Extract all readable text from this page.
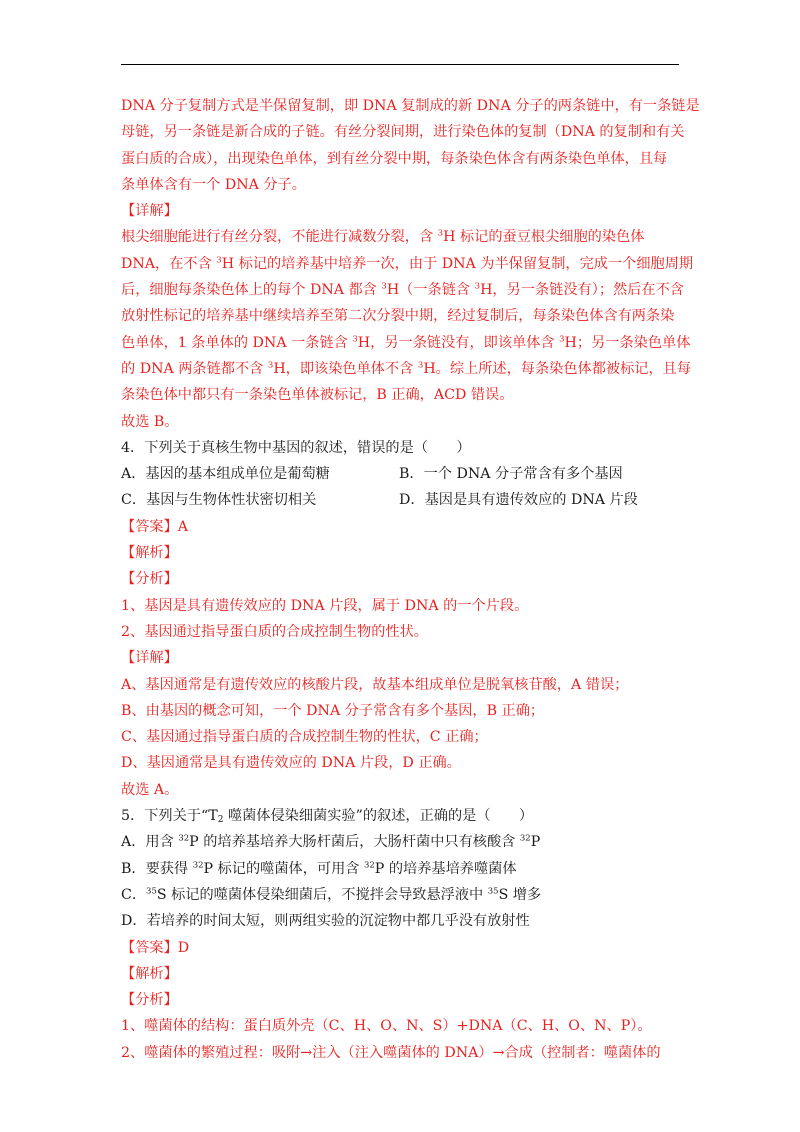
DNA 分子复制方式是半保留复制，即 DNA 复制成的新 DNA 分子的两条链中，有一条链是
母链，另一条链是新合成的子链。有丝分裂间期，进行染色体的复制（DNA 的复制和有关
蛋白质的合成），出现染色单体，到有丝分裂中期，每条染色体含有两条染色单体，且每
条单体含有一个 DNA 分子。
【详解】
根尖细胞能进行有丝分裂，不能进行减数分裂，含 $^3$H 标记的蚕豆根尖细胞的染色体
DNA，在不含 $^3$H 标记的培养基中培养一次，由于 DNA 为半保留复制，完成一个细胞周期
后，细胞每条染色体上的每个 DNA 都含 $^3$H（一条链含 $^3$H，另一条链没有）；然后在不含
放射性标记的培养基中继续培养至第二次分裂中期，经过复制后，每条染色体含有两条染
色单体，1 条单体的 DNA 一条链含 $^3$H，另一条链没有，即该单体含 $^3$H；另一条染色单体
的 DNA 两条链都不含 $^3$H，即该染色单体不含 $^3$H。综上所述，每条染色体都被标记，且每
条染色体中都只有一条染色单体被标记，B 正确，ACD 错误。
故选 B。
4．下列关于真核生物中基因的叙述，错误的是（　　）
A．基因的基本组成单位是葡萄糖	B．一个 DNA 分子常含有多个基因
C．基因与生物体性状密切相关	D．基因是具有遗传效应的 DNA 片段
【答案】A
【解析】
【分析】
1、基因是具有遗传效应的 DNA 片段，属于 DNA 的一个片段。
2、基因通过指导蛋白质的合成控制生物的性状。
【详解】
A、基因通常是有遗传效应的核酸片段，故基本组成单位是脱氧核苷酸，A 错误；
B、由基因的概念可知，一个 DNA 分子常含有多个基因，B 正确；
C、基因通过指导蛋白质的合成控制生物的性状，C 正确；
D、基因通常是具有遗传效应的 DNA 片段，D 正确。
故选 A。
5．下列关于“$T_2$ 噬菌体侵染细菌实验”的叙述，正确的是（　　）
A．用含 $^{32}$P 的培养基培养大肠杆菌后，大肠杆菌中只有核酸含 $^{32}$P
B．要获得 $^{32}$P 标记的噬菌体，可用含 $^{32}$P 的培养基培养噬菌体
C．$^{35}$S 标记的噬菌体侵染细菌后，不搅拌会导致悬浮液中 $^{35}$S 增多
D．若培养的时间太短，则两组实验的沉淀物中都几乎没有放射性
【答案】D
【解析】
【分析】
1、噬菌体的结构：蛋白质外壳（C、H、O、N、S）+DNA（C、H、O、N、P）。
2、噬菌体的繁殖过程：吸附→注入（注入噬菌体的 DNA）→合成（控制者：噬菌体的
